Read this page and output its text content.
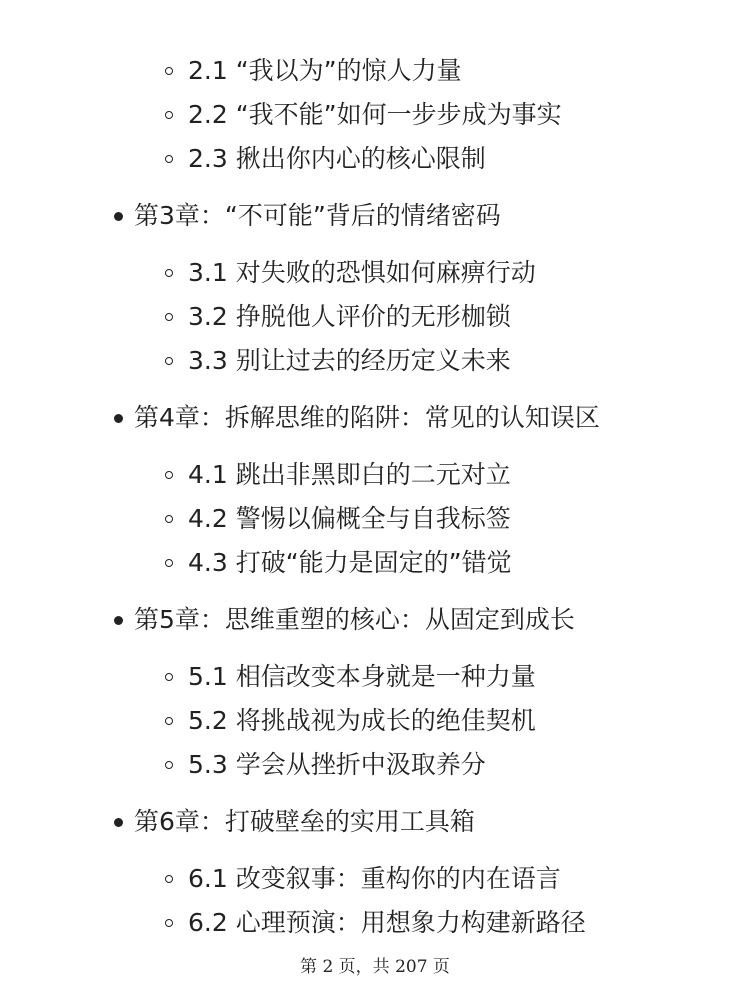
2.1 “我以为”的惊人力量
2.2 “我不能”如何一步步成为事实
2.3 揪出你内心的核心限制
第3章：“不可能”背后的情绪密码
3.1 对失败的恐惧如何麻痹行动
3.2 挣脱他人评价的无形枷锁
3.3 别让过去的经历定义未来
第4章：拆解思维的陷阱：常见的认知误区
4.1 跳出非黑即白的二元对立
4.2 警惕以偏概全与自我标签
4.3 打破“能力是固定的”错觉
第5章：思维重塑的核心：从固定到成长
5.1 相信改变本身就是一种力量
5.2 将挑战视为成长的绝佳契机
5.3 学会从挫折中汲取养分
第6章：打破壁垒的实用工具箱
6.1 改变叙事：重构你的内在语言
6.2 心理预演：用想象力构建新路径
第 2 页，共 207 页
